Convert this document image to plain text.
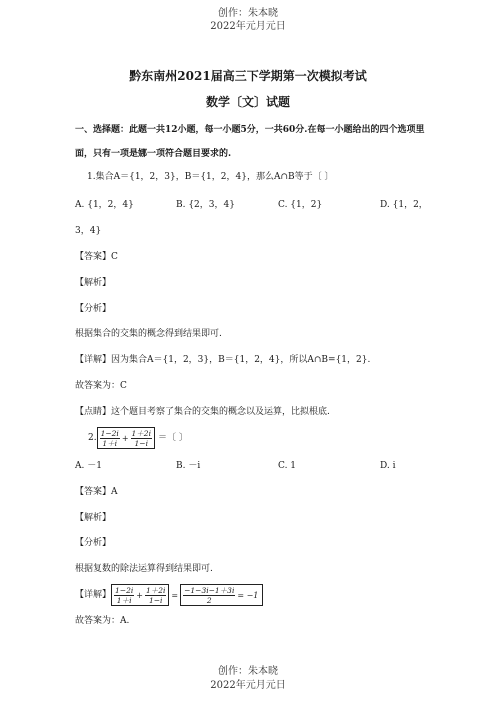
创作：朱本晓
2022年元月元日
黔东南州2021届高三下学期第一次模拟考试
数学〔文〕试题
一、选择题：此题一共12小题，每一小题5分，一共60分.在每一小题给出的四个选项里
面，只有一项是娜一项符合题目要求的.
1.集合A＝{1，2，3}，B＝{1，2，4}，那么A∩B等于〔 〕
A. {1，2，4}	B. {2，3，4}	C. {1，2}	D. {1，2，
3，4}
【答案】C
【解析】
【分析】
根据集合的交集的概念得到结果即可.
【详解】因为集合A＝{1，2，3}，B＝{1，2，4}，所以A∩B={1，2}.
故答案为：C
【点睛】这个题目考察了集合的交集的概念以及运算，比拟根底.
2. $\frac{1-2i}{1+i} + \frac{1+2i}{1-i}$ ＝〔 〕
A. －1	B. －i	C. 1	D. i
【答案】A
【解析】
【分析】
根据复数的除法运算得到结果即可.
【详解】 $\frac{1-2i}{1+i} + \frac{1+2i}{1-i} = \frac{-1-3i-1+3i}{2} = -1$
故答案为：A.
创作：朱本晓
2022年元月元日
